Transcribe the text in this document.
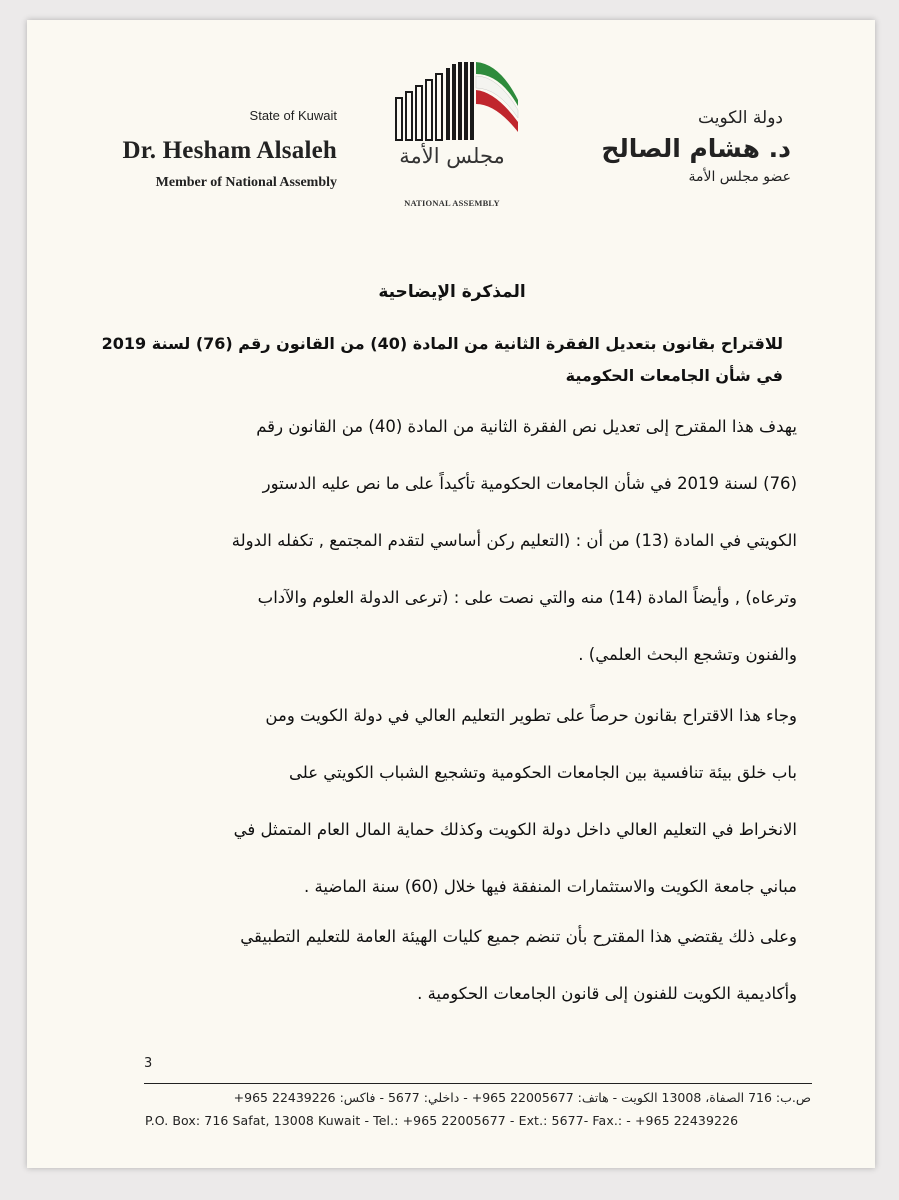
State of Kuwait
Dr. Hesham Alsaleh
Member of National Assembly
مجلس الأمة
NATIONAL ASSEMBLY
دولة الكويت
د. هشام الصالح
عضو مجلس الأمة
المذكرة الإيضاحية
للاقتراح بقانون بتعديل الفقرة الثانية من المادة (40) من القانون رقم (76) لسنة 2019
في شأن الجامعات الحكومية
يهدف هذا المقترح إلى تعديل نص الفقرة الثانية من المادة (40) من القانون رقم
(76) لسنة 2019 في شأن الجامعات الحكومية تأكيداً على ما نص عليه الدستور
الكويتي في المادة (13) من أن : (التعليم ركن أساسي لتقدم المجتمع , تكفله الدولة
وترعاه) , وأيضاً المادة (14) منه والتي نصت على : (ترعى الدولة العلوم والآداب
والفنون وتشجع البحث العلمي) .
وجاء هذا الاقتراح بقانون حرصاً على تطوير التعليم العالي في دولة الكويت ومن
باب خلق بيئة تنافسية بين الجامعات الحكومية وتشجيع الشباب الكويتي على
الانخراط في التعليم العالي داخل دولة الكويت وكذلك حماية المال العام المتمثل في
مباني جامعة الكويت والاستثمارات المنفقة فيها خلال (60) سنة الماضية .
وعلى ذلك يقتضي هذا المقترح بأن تنضم جميع كليات الهيئة العامة للتعليم التطبيقي
وأكاديمية الكويت للفنون إلى قانون الجامعات الحكومية .
3
ص.ب: 716 الصفاة، 13008 الكويت - هاتف: 22005677 965+ - داخلي: 5677 - فاكس: 22439226 965+
P.O. Box: 716 Safat, 13008 Kuwait - Tel.: +965 22005677 - Ext.: 5677- Fax.: - +965 22439226
